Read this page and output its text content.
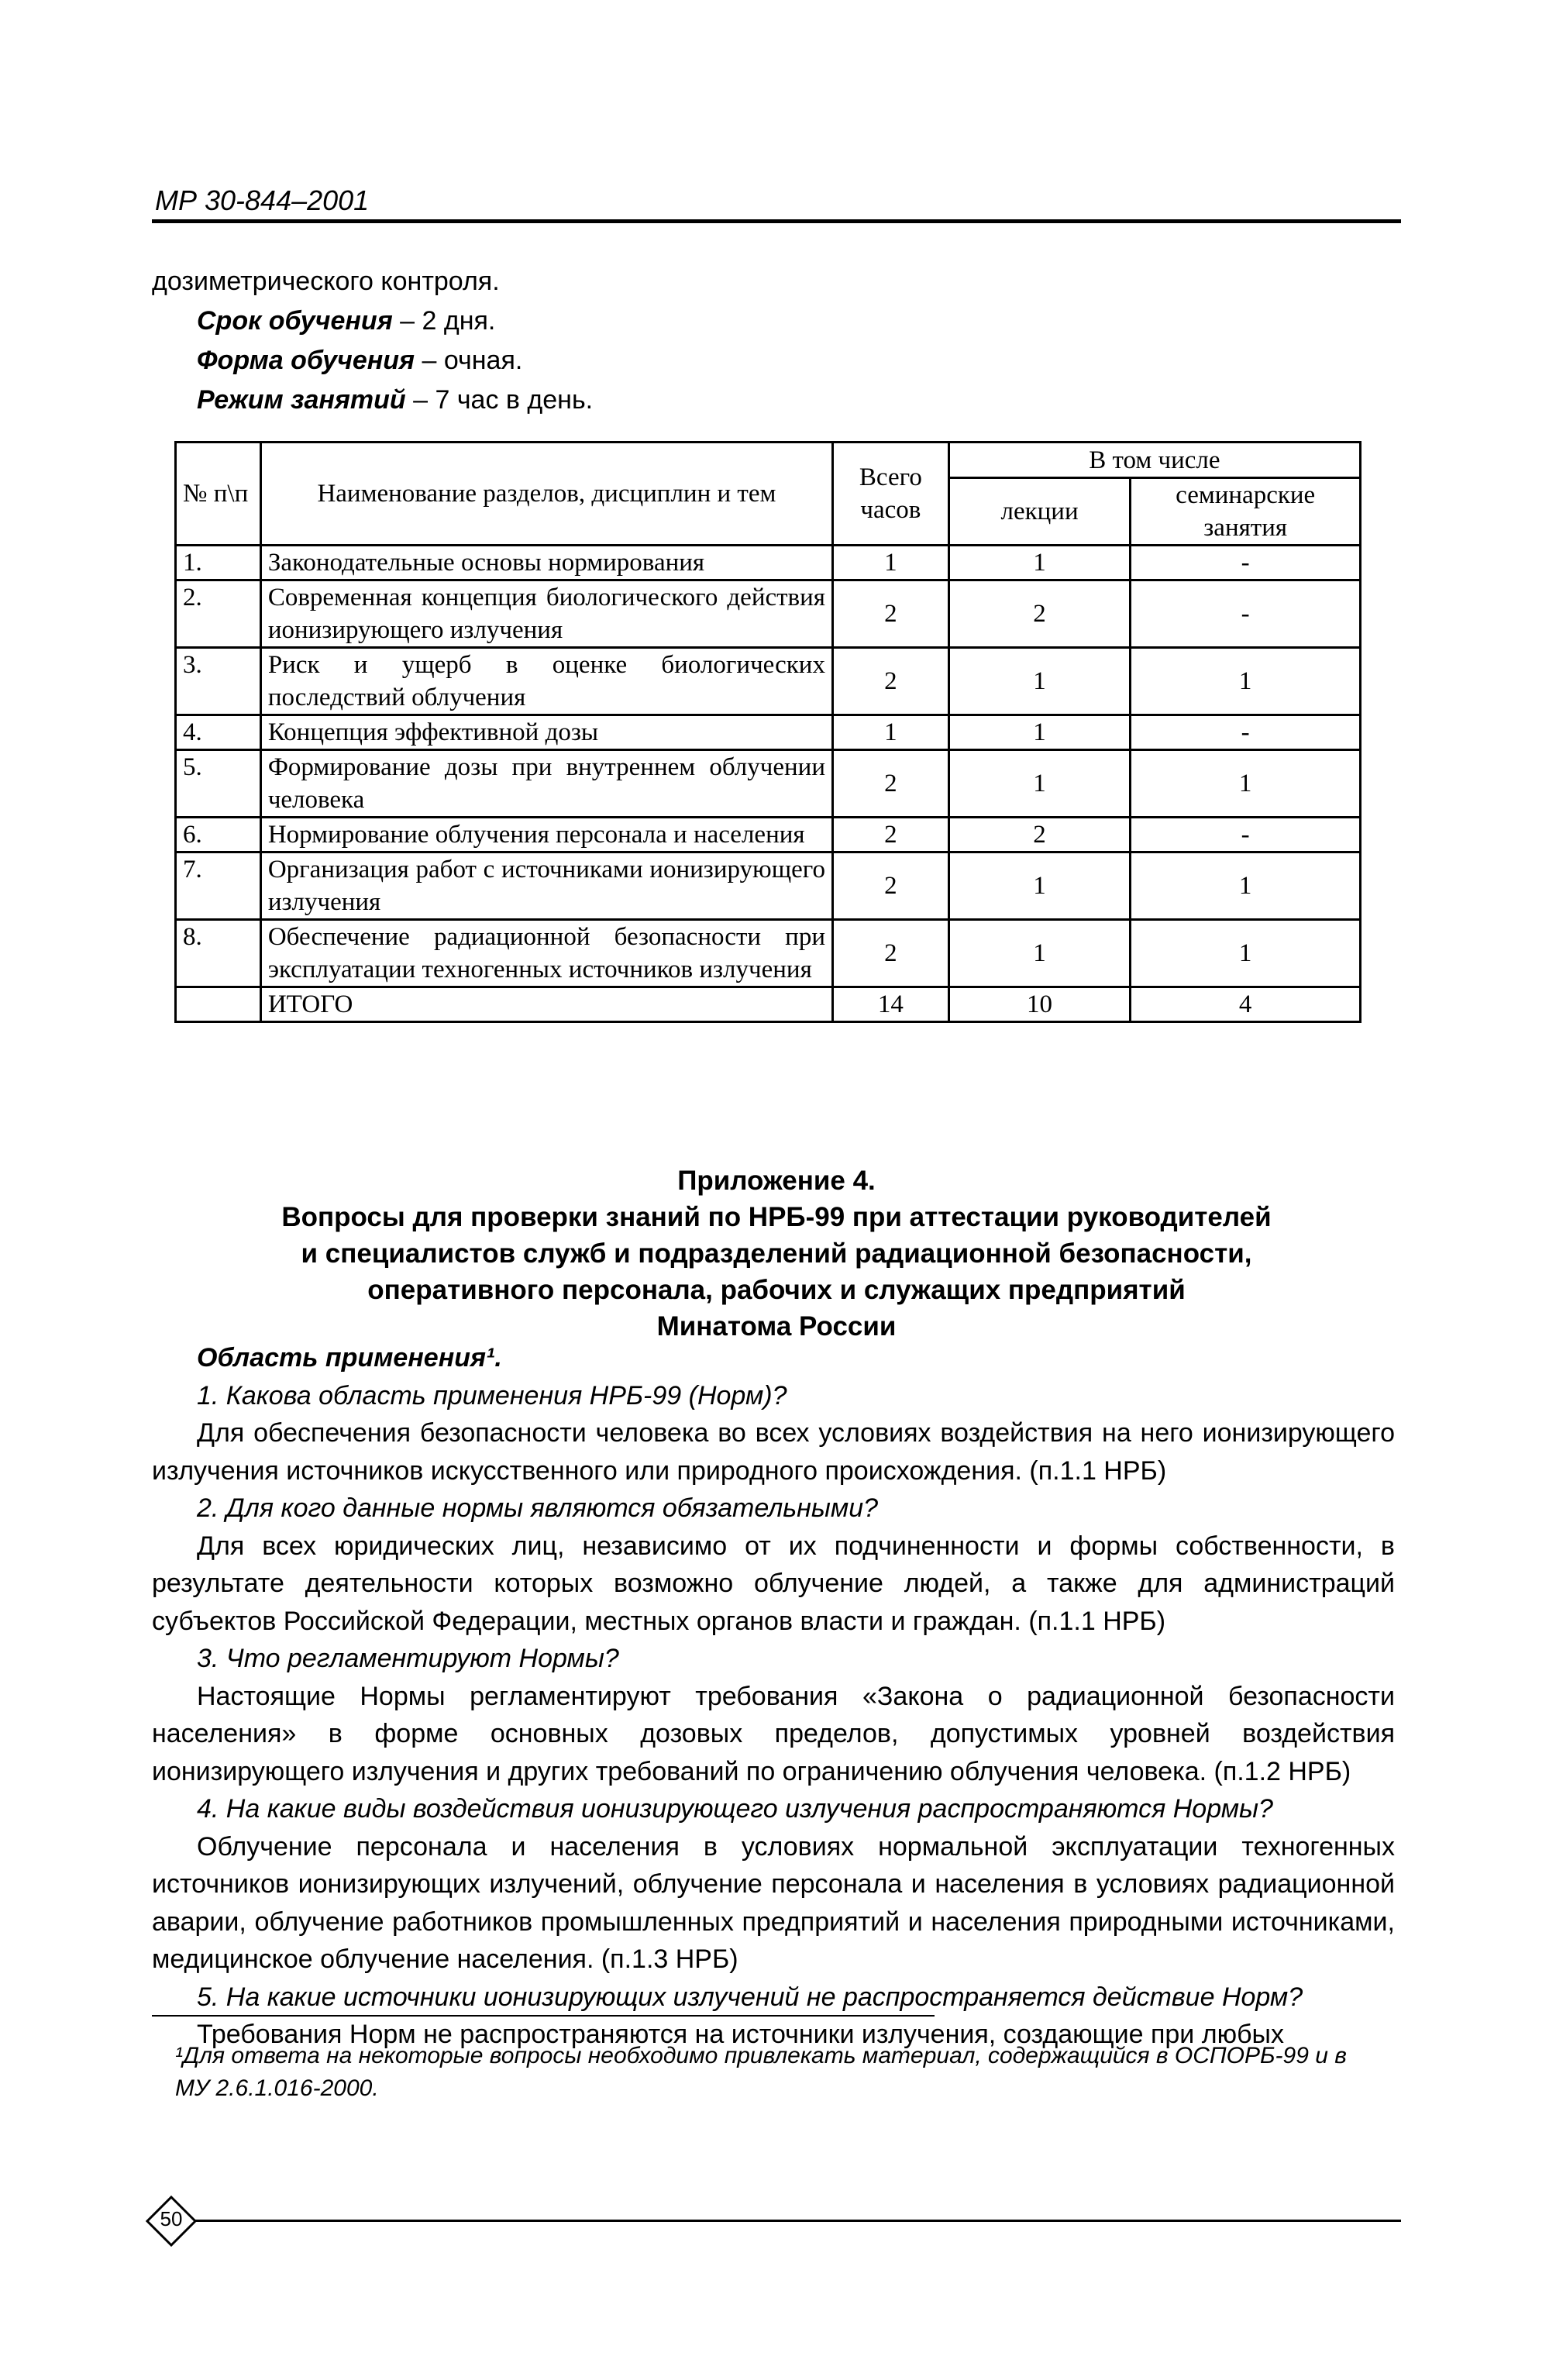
МР 30-844–2001
дозиметрического контроля.
Срок обучения – 2 дня.
Форма обучения – очная.
Режим занятий – 7 час в день.
№ п\п	Наименование разделов, дисциплин и тем	Всего часов	В том числе	
			лекции	семинарские занятия
1.	Законодательные основы нормирования	1	1	-
2.	Современная концепция биологического действия ионизирующего излучения	2	2	-
3.	Риск и ущерб в оценке биологических последствий облучения	2	1	1
4.	Концепция эффективной дозы	1	1	-
5.	Формирование дозы при внутреннем облучении человека	2	1	1
6.	Нормирование облучения персонала и населения	2	2	-
7.	Организация работ с источниками ионизирующего излучения	2	1	1
8.	Обеспечение радиационной безопасности при эксплуатации техногенных источников излучения	2	1	1
	ИТОГО	14	10	4
Приложение 4.
Вопросы для проверки знаний по НРБ-99 при аттестации руководителей
и специалистов служб и подразделений радиационной безопасности,
оперативного персонала, рабочих и служащих предприятий
Минатома России

Область применения¹.

1. Какова область применения НРБ-99 (Норм)?

Для обеспечения безопасности человека во всех условиях воздействия на него ионизирующего излучения источников искусственного или природного происхождения. (п.1.1 НРБ)

2. Для кого данные нормы являются обязательными?

Для всех юридических лиц, независимо от их подчиненности и формы собственности, в результате деятельности которых возможно облучение людей, а также для администраций субъектов Российской Федерации, местных органов власти и граждан. (п.1.1 НРБ)

3. Что регламентируют Нормы?

Настоящие Нормы регламентируют требования «Закона о радиационной безопасности населения» в форме основных дозовых пределов, допустимых уровней воздействия ионизирующего излучения и других требований по ограничению облучения человека. (п.1.2 НРБ)

4. На какие виды воздействия ионизирующего излучения распространяются Нормы?

Облучение персонала и населения в условиях нормальной эксплуатации техногенных источников ионизирующих излучений, облучение персонала и населения в условиях радиационной аварии, облучение работников промышленных предприятий и населения природными источниками, медицинское облучение населения. (п.1.3 НРБ)

5. На какие источники ионизирующих излучений не распространяется действие Норм?

Требования Норм не распространяются на источники излучения, создающие при любых

¹Для ответа на некоторые вопросы необходимо привлекать материал, содержащийся в ОСПОРБ-99 и в МУ 2.6.1.016-2000.
50
